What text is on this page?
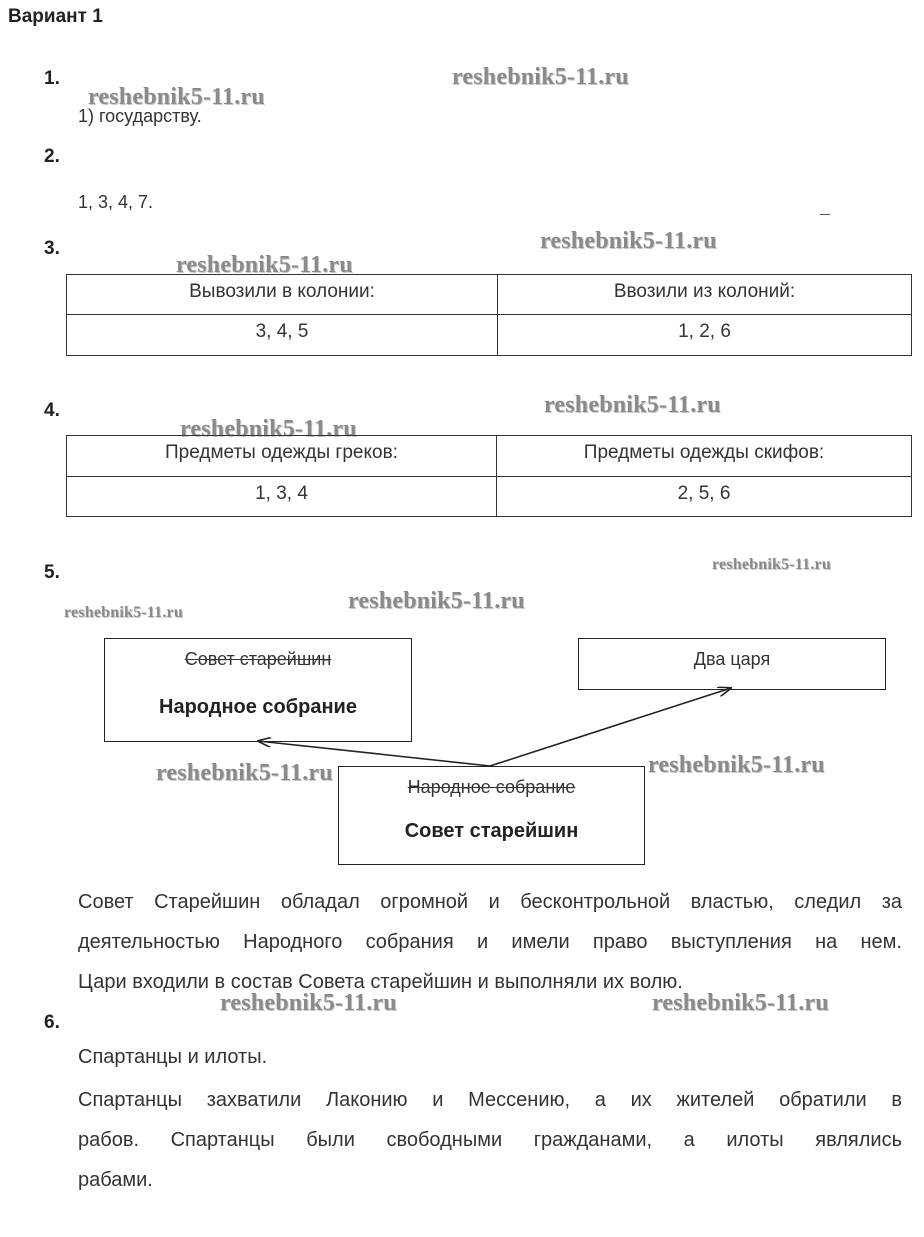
Вариант 1
1.	reshebnik5-11.ru
reshebnik5-11.ru
1) государству.
2.
1, 3, 4, 7.
3.	reshebnik5-11.ru
reshebnik5-11.ru
Вывозили в колонии:	Ввозили из колоний:
3, 4, 5	1, 2, 6
4.	reshebnik5-11.ru
reshebnik5-11.ru
Предметы одежды греков:	Предметы одежды скифов:
1, 3, 4	2, 5, 6
5.	reshebnik5-11.ru
reshebnik5-11.ru	reshebnik5-11.ru
Совет старейшин
Народное собрание
Два царя
Народное собрание
Совет старейшин
reshebnik5-11.ru	reshebnik5-11.ru
Совет Старейшин обладал огромной и бесконтрольной властью, следил за
деятельностью Народного собрания и имели право выступления на нем.
Цари входили в состав Совета старейшин и выполняли их волю.
reshebnik5-11.ru	reshebnik5-11.ru
6.
Спартанцы и илоты.
Спартанцы захватили Лаконию и Мессению, а их жителей обратили в
рабов. Спартанцы были свободными гражданами, а илоты являлись
рабами.
